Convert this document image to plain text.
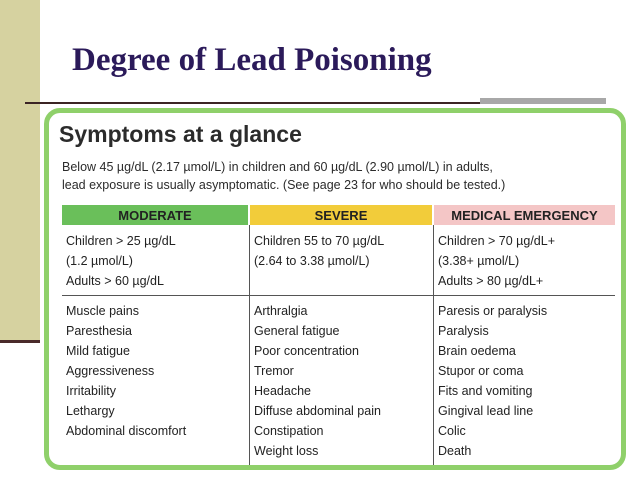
Degree of Lead Poisoning
Symptoms at a glance
Below 45 µg/dL (2.17 µmol/L) in children and 60 µg/dL (2.90 µmol/L) in adults,
lead exposure is usually asymptomatic. (See page 23 for who should be tested.)
MODERATE	SEVERE	MEDICAL EMERGENCY
Children > 25 µg/dL
(1.2 µmol/L)
Adults > 60 µg/dL
Children 55 to 70 µg/dL
(2.64 to 3.38 µmol/L)
Children > 70 µg/dL+
(3.38+ µmol/L)
Adults > 80 µg/dL+
Muscle pains
Paresthesia
Mild fatigue
Aggressiveness
Irritability
Lethargy
Abdominal discomfort
Arthralgia
General fatigue
Poor concentration
Tremor
Headache
Diffuse abdominal pain
Constipation
Weight loss
Paresis or paralysis
Paralysis
Brain oedema
Stupor or coma
Fits and vomiting
Gingival lead line
Colic
Death
